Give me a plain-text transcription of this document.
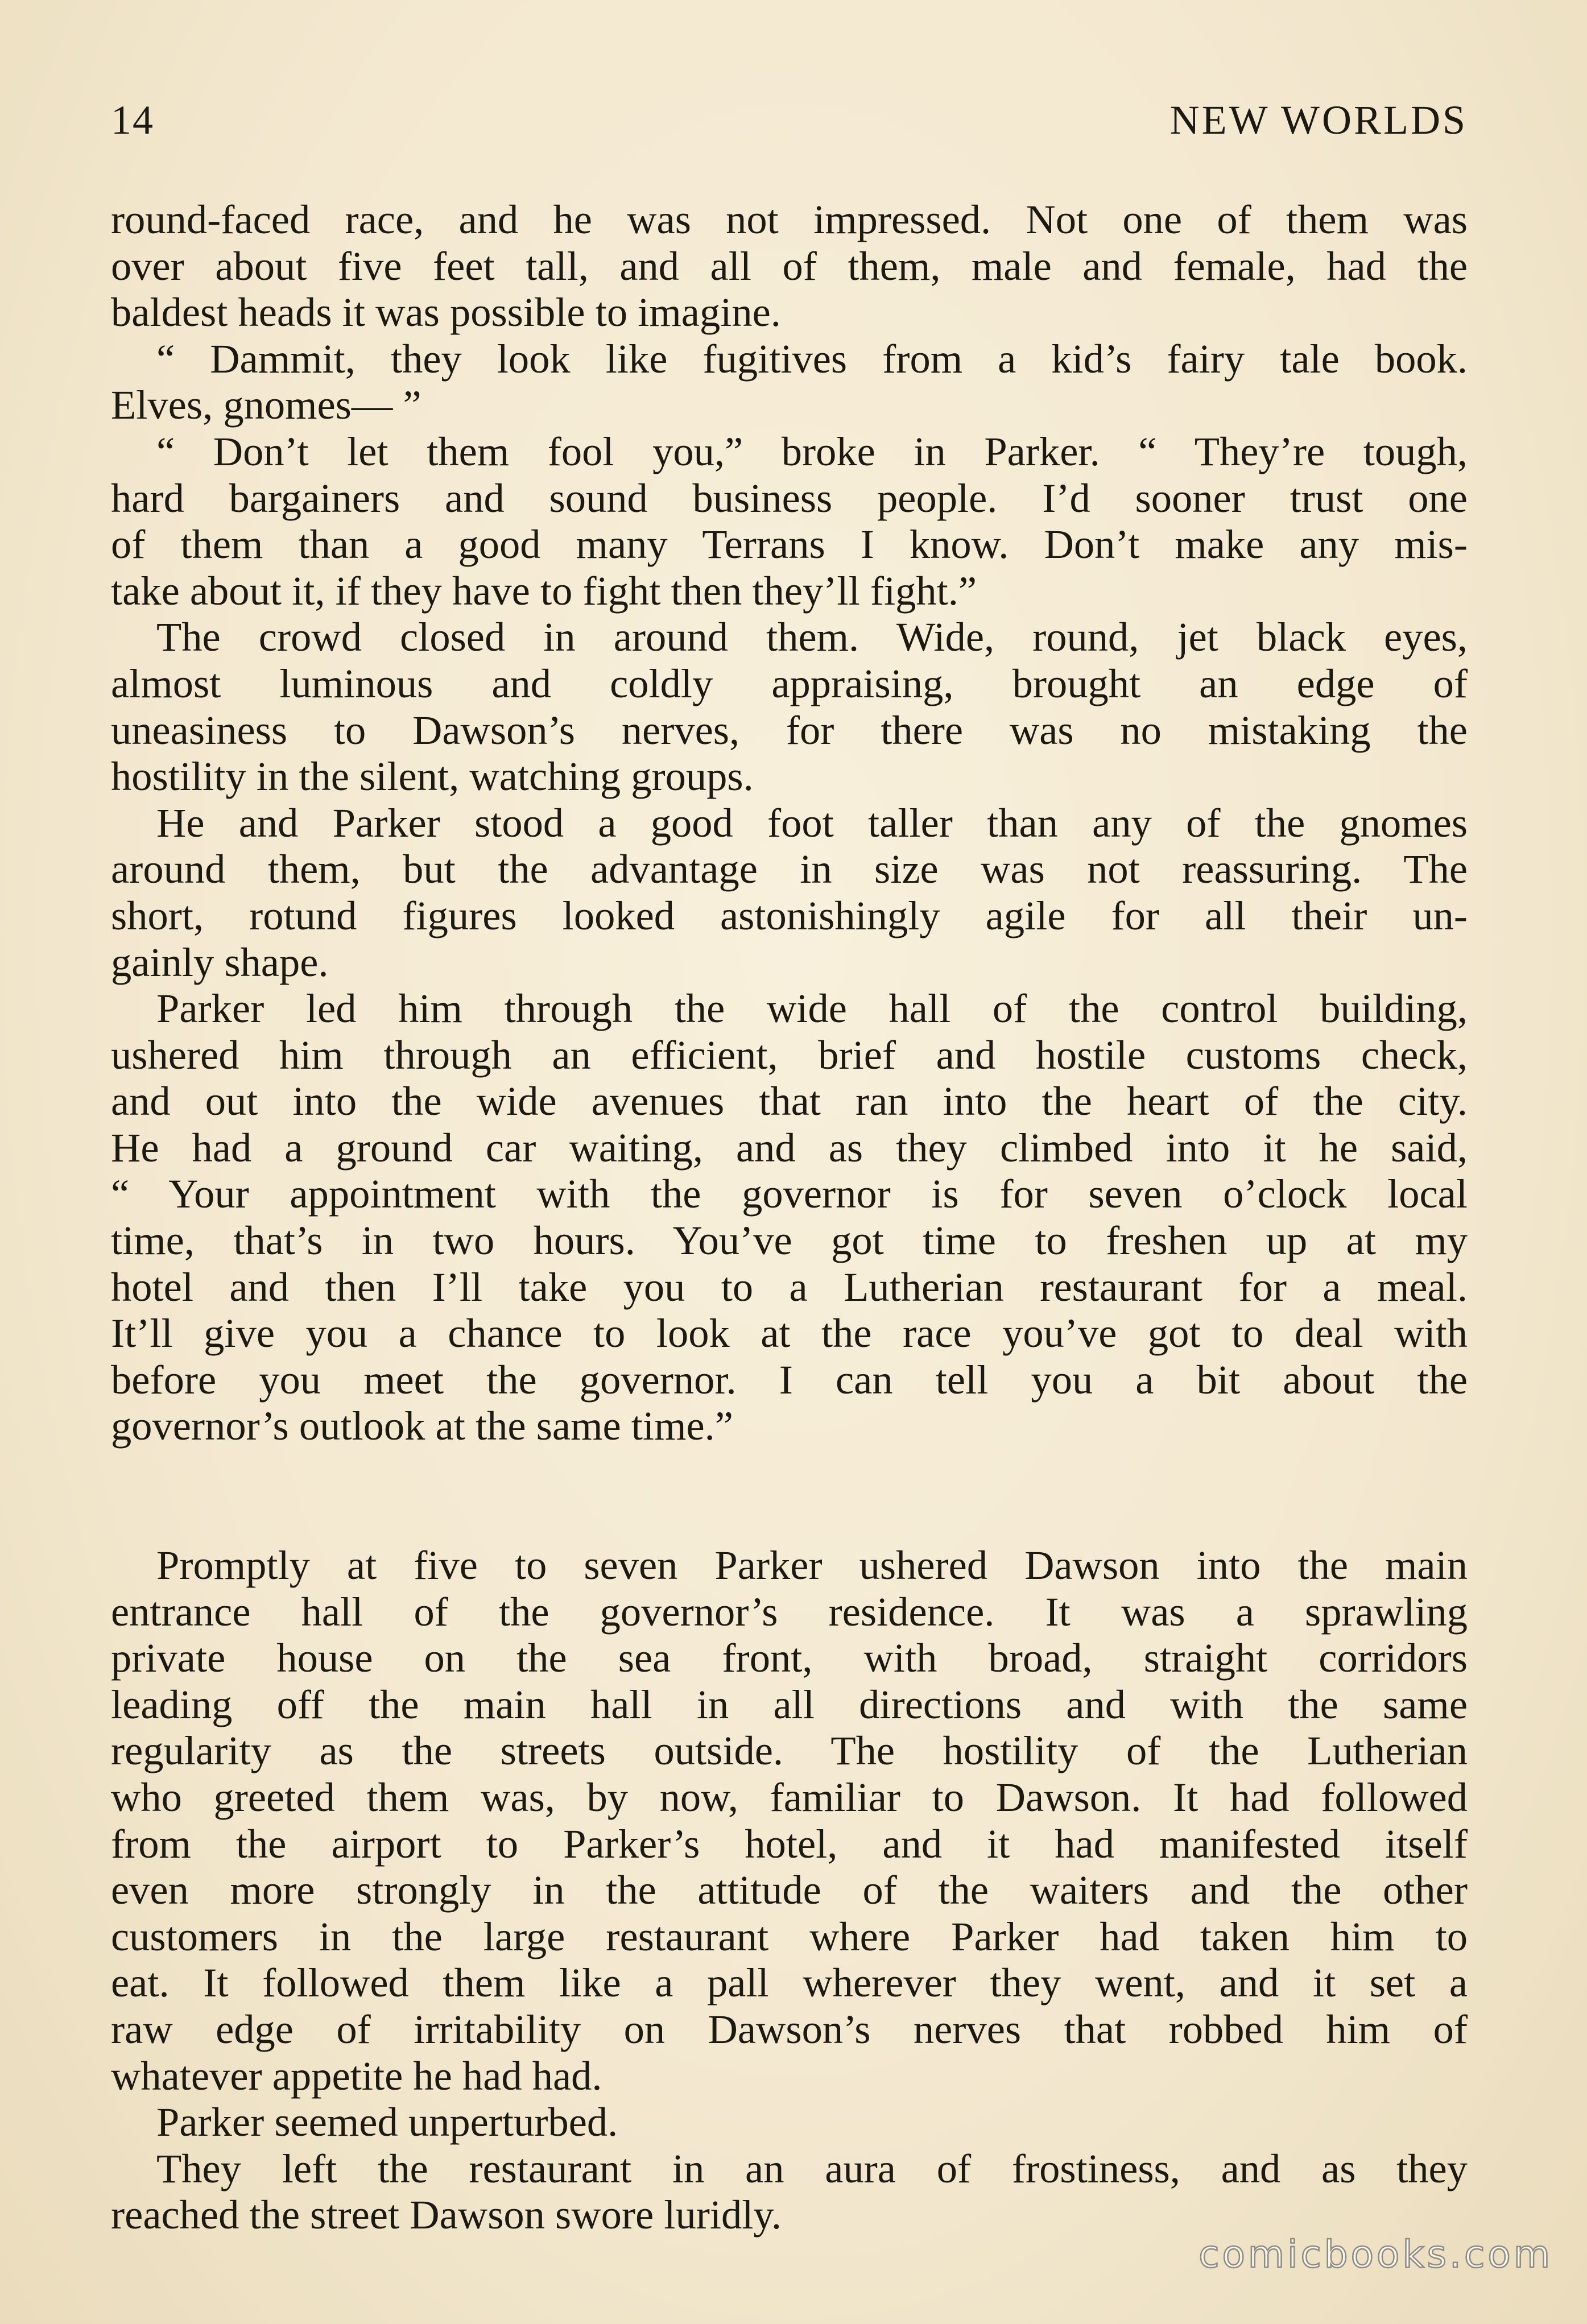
14	NEW WORLDS
round-faced race, and he was not impressed. Not one of them was
over about five feet tall, and all of them, male and female, had the
baldest heads it was possible to imagine.
“ Dammit, they look like fugitives from a kid’s fairy tale book.
Elves, gnomes— ”
“ Don’t let them fool you,” broke in Parker. “ They’re tough,
hard bargainers and sound business people. I’d sooner trust one
of them than a good many Terrans I know. Don’t make any mis-
take about it, if they have to fight then they’ll fight.”
The crowd closed in around them. Wide, round, jet black eyes,
almost luminous and coldly appraising, brought an edge of
uneasiness to Dawson’s nerves, for there was no mistaking the
hostility in the silent, watching groups.
He and Parker stood a good foot taller than any of the gnomes
around them, but the advantage in size was not reassuring. The
short, rotund figures looked astonishingly agile for all their un-
gainly shape.
Parker led him through the wide hall of the control building,
ushered him through an efficient, brief and hostile customs check,
and out into the wide avenues that ran into the heart of the city.
He had a ground car waiting, and as they climbed into it he said,
“ Your appointment with the governor is for seven o’clock local
time, that’s in two hours. You’ve got time to freshen up at my
hotel and then I’ll take you to a Lutherian restaurant for a meal.
It’ll give you a chance to look at the race you’ve got to deal with
before you meet the governor. I can tell you a bit about the
governor’s outlook at the same time.”
Promptly at five to seven Parker ushered Dawson into the main
entrance hall of the governor’s residence. It was a sprawling
private house on the sea front, with broad, straight corridors
leading off the main hall in all directions and with the same
regularity as the streets outside. The hostility of the Lutherian
who greeted them was, by now, familiar to Dawson. It had followed
from the airport to Parker’s hotel, and it had manifested itself
even more strongly in the attitude of the waiters and the other
customers in the large restaurant where Parker had taken him to
eat. It followed them like a pall wherever they went, and it set a
raw edge of irritability on Dawson’s nerves that robbed him of
whatever appetite he had had.
Parker seemed unperturbed.
They left the restaurant in an aura of frostiness, and as they
reached the street Dawson swore luridly.
comicbooks.com
